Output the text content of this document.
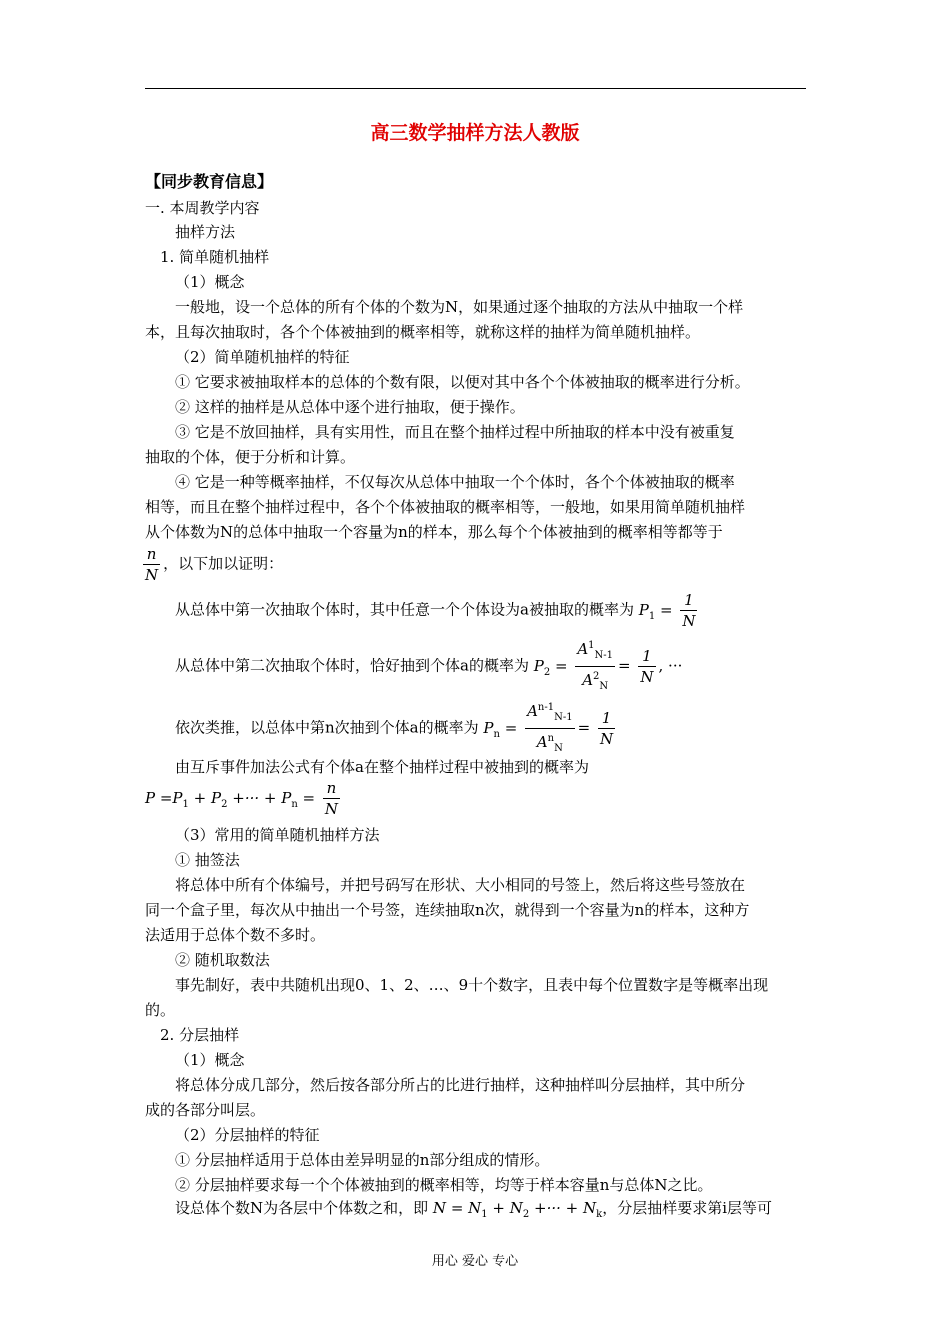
高三数学抽样方法人教版
【同步教育信息】
一. 本周教学内容
抽样方法
1. 简单随机抽样
（1）概念
一般地，设一个总体的所有个体的个数为N，如果通过逐个抽取的方法从中抽取一个样
本，且每次抽取时，各个个体被抽到的概率相等，就称这样的抽样为简单随机抽样。
（2）简单随机抽样的特征
① 它要求被抽取样本的总体的个数有限，以便对其中各个个体被抽取的概率进行分析。
② 这样的抽样是从总体中逐个进行抽取，便于操作。
③ 它是不放回抽样，具有实用性，而且在整个抽样过程中所抽取的样本中没有被重复
抽取的个体，便于分析和计算。
④ 它是一种等概率抽样，不仅每次从总体中抽取一个个体时，各个个体被抽取的概率
相等，而且在整个抽样过程中，各个个体被抽取的概率相等，一般地，如果用简单随机抽样
从个体数为N的总体中抽取一个容量为n的样本，那么每个个体被抽到的概率相等都等于
$\frac{n}{N}$ ，以下加以证明：
从总体中第一次抽取个体时，其中任意一个个体设为a被抽取的概率为 $P_1 = \frac{1}{N}$
从总体中第二次抽取个体时，恰好抽到个体a的概率为 $P_2 = \frac{A^1_{N-1}}{A^2_N} = \frac{1}{N}$ , ···
依次类推，以总体中第n次抽到个体a的概率为 $P_n = \frac{A^{n-1}_{N-1}}{A^n_N} = \frac{1}{N}$
由互斥事件加法公式有个体a在整个抽样过程中被抽到的概率为
$P =P_1 + P_2$ +··· + $P_n = \frac{n}{N}$
（3）常用的简单随机抽样方法
① 抽签法
将总体中所有个体编号，并把号码写在形状、大小相同的号签上，然后将这些号签放在
同一个盒子里，每次从中抽出一个号签，连续抽取n次，就得到一个容量为n的样本，这种方
法适用于总体个数不多时。
② 随机取数法
事先制好，表中共随机出现0、1、2、…、9十个数字，且表中每个位置数字是等概率出现
的。
2. 分层抽样
（1）概念
将总体分成几部分，然后按各部分所占的比进行抽样，这种抽样叫分层抽样，其中所分
成的各部分叫层。
（2）分层抽样的特征
① 分层抽样适用于总体由差异明显的n部分组成的情形。
② 分层抽样要求每一个个体被抽到的概率相等，均等于样本容量n与总体N之比。
设总体个数N为各层中个体数之和，即 $N = N_1 + N_2$ +··· + $N_k$，分层抽样要求第i层等可
用心 爱心 专心
